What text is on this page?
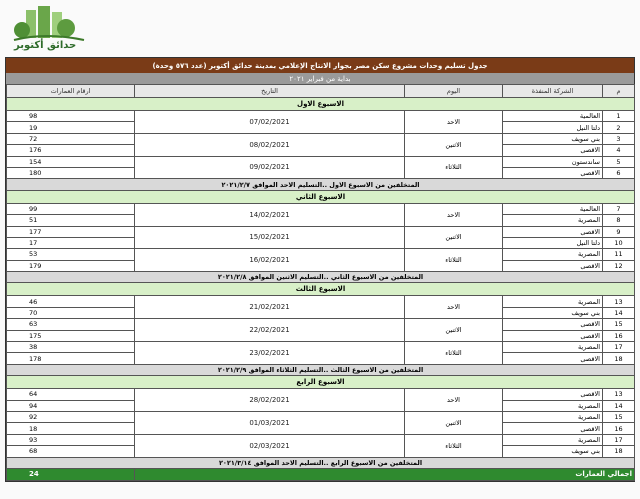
حدائق أكتوبر
جدول تسليم وحدات مشروع سكن مصر بجوار الانتاج الإعلامي بمدينة حدائق أكتوبر (عدد ٥٧٦ وحدة)
بداية من فبراير ٢٠٢١
ارقام العمارات	التاريخ	اليوم	الشركة المنفذة	م
الاسبوع الاول				
98	07/02/2021	الاحد	العالمية	1
19			دلتا النيل	2
72	08/02/2021	الاثنين	بني سويف	3
176			الاقصى	4
154	09/02/2021	الثلاثاء	ساندستون	5
180			الاقصى	6
المتخلفين من الاسبوع الاول ..التسليم الاحد الموافق ٢٠٢١/٢/٧				
الاسبوع الثاني				
99	14/02/2021	الاحد	العالمية	7
51			المصرية	8
177	15/02/2021	الاثنين	الاقصى	9
17			دلتا النيل	10
53	16/02/2021	الثلاثاء	المصرية	11
179			الاقصى	12
المتخلفين من الاسبوع الثاني ..التسليم الاثنين الموافق ٢٠٢١/٢/٨				
الاسبوع الثالث				
46	21/02/2021	الاحد	المصرية	13
70			بني سويف	14
63	22/02/2021	الاثنين	الاقصى	15
175			الاقصى	16
38	23/02/2021	الثلاثاء	المصرية	17
178			الاقصى	18
المتخلفين من الاسبوع الثالث ..التسليم الثلاثاء الموافق ٢٠٢١/٢/٩				
الاسبوع الرابع				
64	28/02/2021	الاحد	الاقصى	13
94			المصرية	14
92	01/03/2021	الاثنين	المصرية	15
18			الاقصى	16
93	02/03/2021	الثلاثاء	المصرية	17
68			بني سويف	18
المتخلفين من الاسبوع الرابع ..التسليم الاحد الموافق ٢٠٢١/٣/١٤				
24	اجمالي العمارات			
